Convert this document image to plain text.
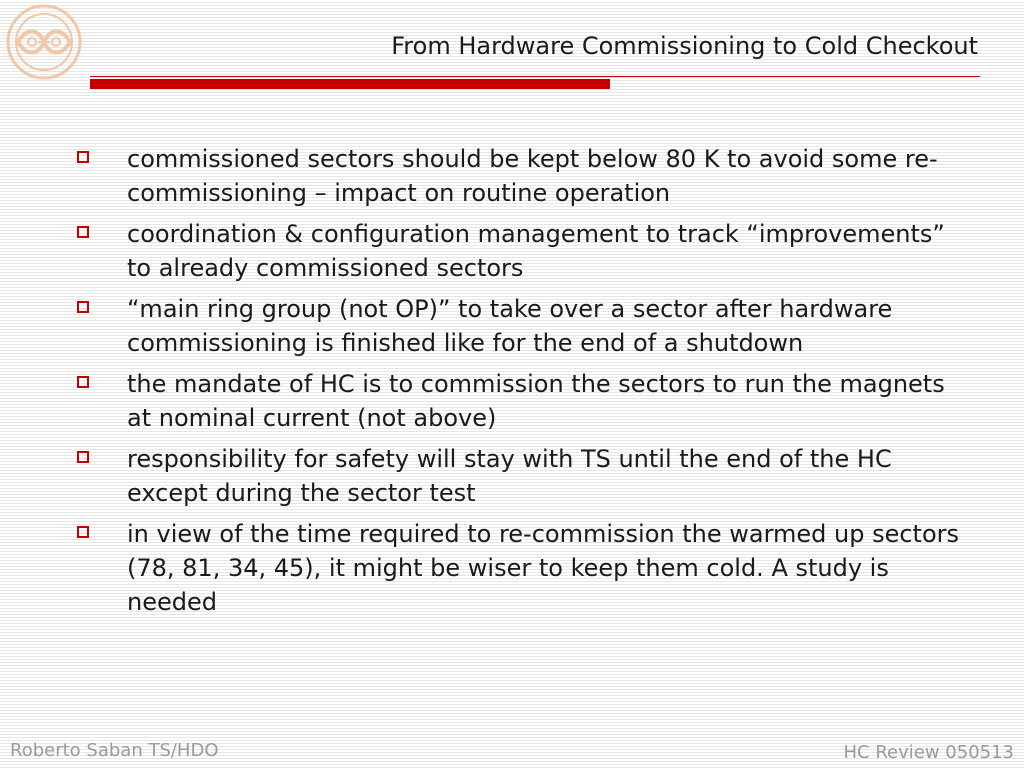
From Hardware Commissioning to Cold Checkout
commissioned sectors should be kept below 80 K to avoid some re-commissioning – impact on routine operation
coordination & configuration management to track “improvements” to already commissioned sectors
“main ring group (not OP)” to take over a sector after hardware commissioning is finished like for the end of a shutdown
the mandate of HC is to commission the sectors to run the magnets at nominal current (not above)
responsibility for safety will stay with TS until the end of the HC except during the sector test
in view of the time required to re-commission the warmed up sectors (78, 81, 34, 45), it might be wiser to keep them cold. A study is needed
Roberto Saban TS/HDO	HC Review 050513
